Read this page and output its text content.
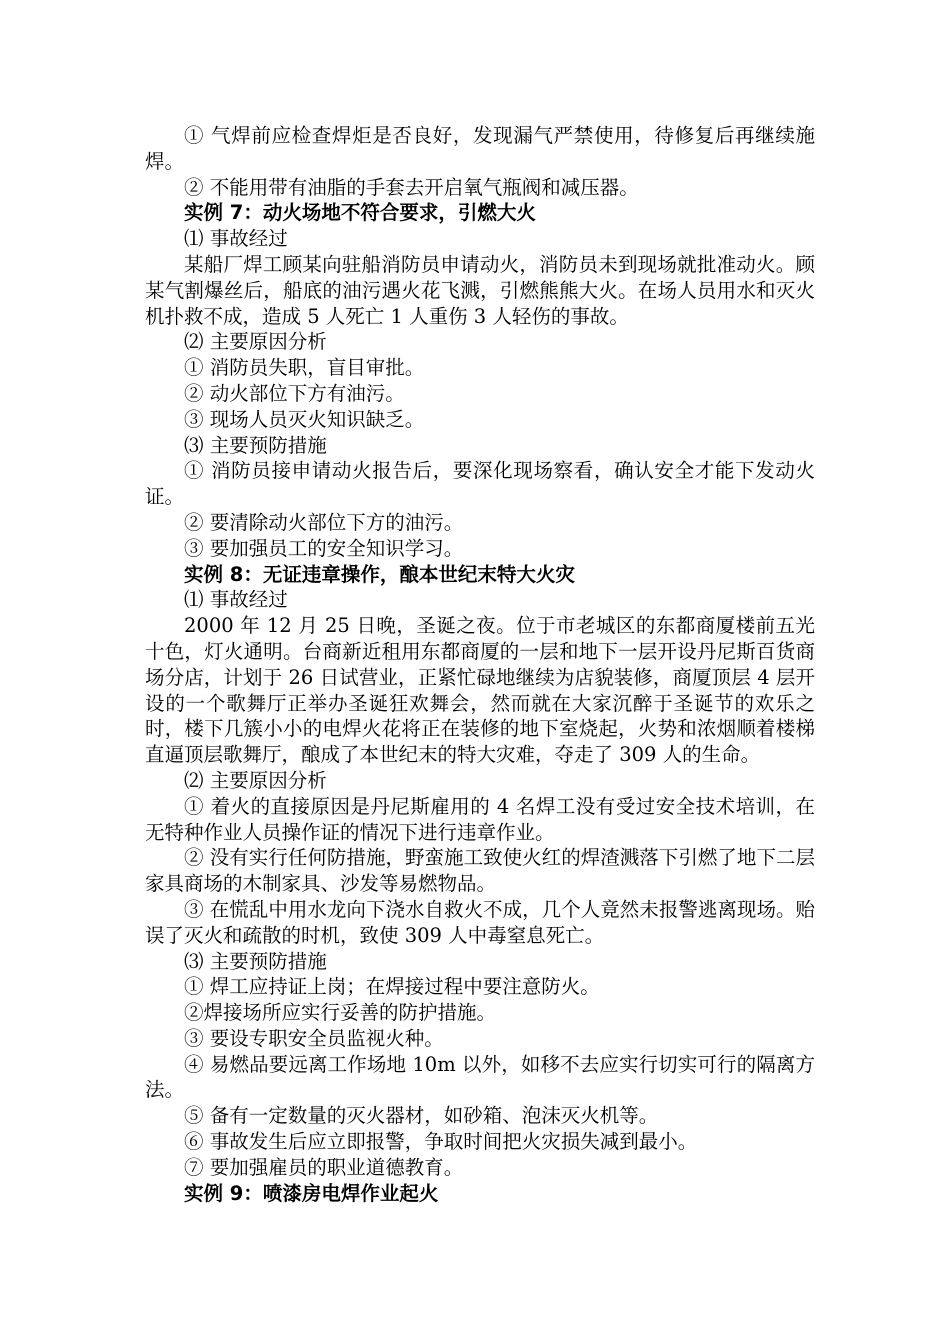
① 气焊前应检查焊炬是否良好，发现漏气严禁使用，待修复后再继续施焊。

② 不能用带有油脂的手套去开启氧气瓶阀和减压器。

实例 7：动火场地不符合要求，引燃大火

⑴ 事故经过

某船厂焊工顾某向驻船消防员申请动火，消防员未到现场就批准动火。顾某气割爆丝后，船底的油污遇火花飞溅，引燃熊熊大火。在场人员用水和灭火机扑救不成，造成 5 人死亡 1 人重伤 3 人轻伤的事故。

⑵ 主要原因分析

① 消防员失职，盲目审批。

② 动火部位下方有油污。

③ 现场人员灭火知识缺乏。

⑶ 主要预防措施

① 消防员接申请动火报告后，要深化现场察看，确认安全才能下发动火证。

② 要清除动火部位下方的油污。

③ 要加强员工的安全知识学习。

实例 8：无证违章操作，酿本世纪末特大火灾

⑴ 事故经过

2000 年 12 月 25 日晚，圣诞之夜。位于市老城区的东都商厦楼前五光十色，灯火通明。台商新近租用东都商厦的一层和地下一层开设丹尼斯百货商场分店，计划于 26 日试营业，正紧忙碌地继续为店貌装修，商厦顶层 4 层开设的一个歌舞厅正举办圣诞狂欢舞会，然而就在大家沉醉于圣诞节的欢乐之时，楼下几簇小小的电焊火花将正在装修的地下室烧起，火势和浓烟顺着楼梯直逼顶层歌舞厅，酿成了本世纪末的特大灾难，夺走了 309 人的生命。

⑵ 主要原因分析

① 着火的直接原因是丹尼斯雇用的 4 名焊工没有受过安全技术培训，在无特种作业人员操作证的情况下进行违章作业。

② 没有实行任何防措施，野蛮施工致使火红的焊渣溅落下引燃了地下二层家具商场的木制家具、沙发等易燃物品。

③ 在慌乱中用水龙向下浇水自救火不成，几个人竟然未报警逃离现场。贻误了灭火和疏散的时机，致使 309 人中毒窒息死亡。

⑶ 主要预防措施

① 焊工应持证上岗；在焊接过程中要注意防火。

②焊接场所应实行妥善的防护措施。

③ 要设专职安全员监视火种。

④ 易燃品要远离工作场地 10m 以外，如移不去应实行切实可行的隔离方法。

⑤ 备有一定数量的灭火器材，如砂箱、泡沫灭火机等。

⑥ 事故发生后应立即报警，争取时间把火灾损失减到最小。

⑦ 要加强雇员的职业道德教育。

实例 9：喷漆房电焊作业起火
